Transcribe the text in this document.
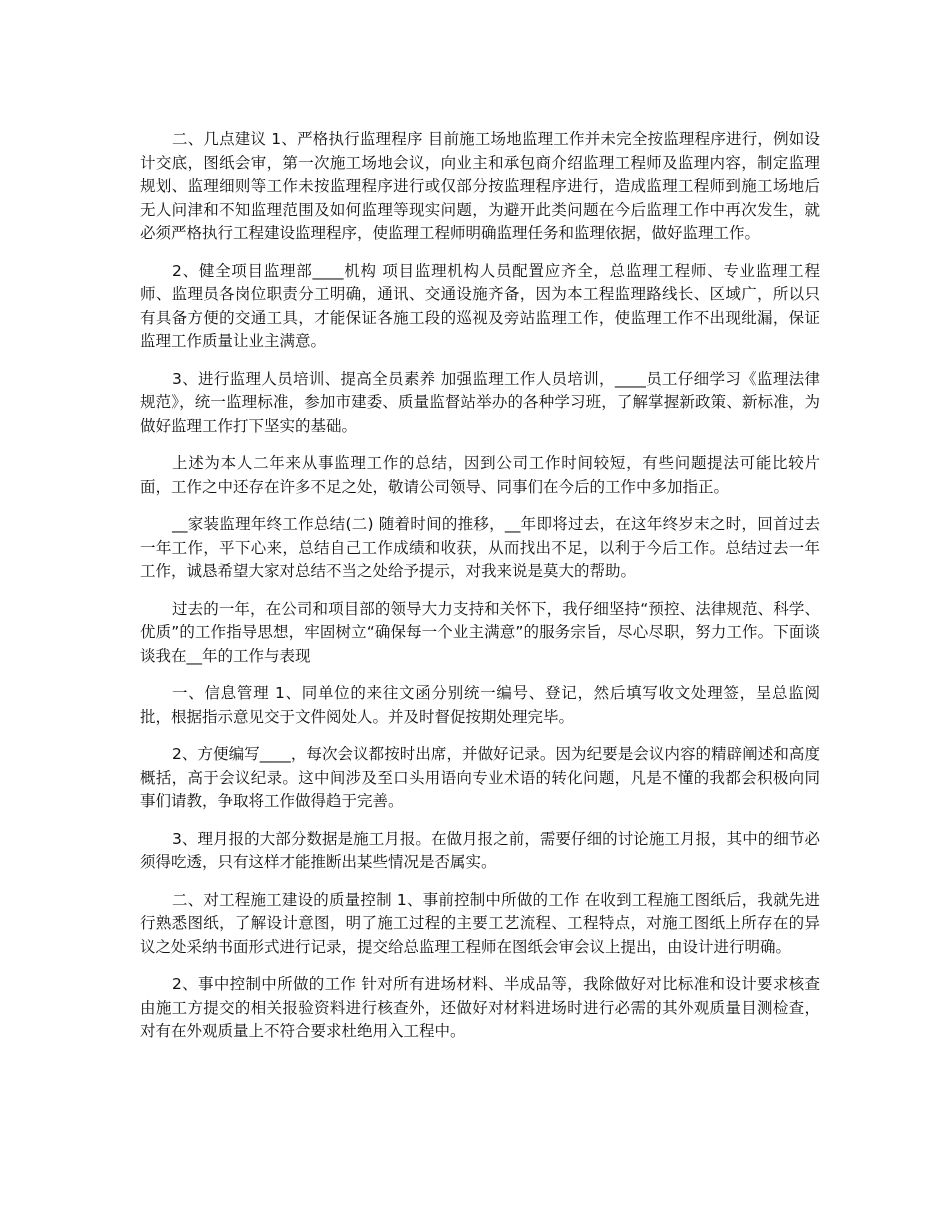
二、几点建议 1、严格执行监理程序 目前施工场地监理工作并未完全按监理程序进行，例如设计交底，图纸会审，第一次施工场地会议，向业主和承包商介绍监理工程师及监理内容，制定监理规划、监理细则等工作未按监理程序进行或仅部分按监理程序进行，造成监理工程师到施工场地后无人问津和不知监理范围及如何监理等现实问题，为避开此类问题在今后监理工作中再次发生，就必须严格执行工程建设监理程序，使监理工程师明确监理任务和监理依据，做好监理工作。

2、健全项目监理部____机构 项目监理机构人员配置应齐全，总监理工程师、专业监理工程师、监理员各岗位职责分工明确，通讯、交通设施齐备，因为本工程监理路线长、区域广，所以只有具备方便的交通工具，才能保证各施工段的巡视及旁站监理工作，使监理工作不出现纰漏，保证监理工作质量让业主满意。

3、进行监理人员培训、提高全员素养 加强监理工作人员培训，____员工仔细学习《监理法律规范》，统一监理标准，参加市建委、质量监督站举办的各种学习班，了解掌握新政策、新标准，为做好监理工作打下坚实的基础。

上述为本人二年来从事监理工作的总结，因到公司工作时间较短，有些问题提法可能比较片面，工作之中还存在许多不足之处，敬请公司领导、同事们在今后的工作中多加指正。

__家装监理年终工作总结(二) 随着时间的推移，__年即将过去，在这年终岁末之时，回首过去一年工作，平下心来，总结自己工作成绩和收获，从而找出不足，以利于今后工作。总结过去一年工作，诚恳希望大家对总结不当之处给予提示，对我来说是莫大的帮助。

过去的一年，在公司和项目部的领导大力支持和关怀下，我仔细坚持“预控、法律规范、科学、优质”的工作指导思想，牢固树立“确保每一个业主满意”的服务宗旨，尽心尽职，努力工作。下面谈谈我在__年的工作与表现

一、信息管理 1、同单位的来往文函分别统一编号、登记，然后填写收文处理签，呈总监阅批，根据指示意见交于文件阅处人。并及时督促按期处理完毕。

2、方便编写____，每次会议都按时出席，并做好记录。因为纪要是会议内容的精辟阐述和高度概括，高于会议纪录。这中间涉及至口头用语向专业术语的转化问题，凡是不懂的我都会积极向同事们请教，争取将工作做得趋于完善。

3、理月报的大部分数据是施工月报。在做月报之前，需要仔细的讨论施工月报，其中的细节必须得吃透，只有这样才能推断出某些情况是否属实。

二、对工程施工建设的质量控制 1、事前控制中所做的工作 在收到工程施工图纸后，我就先进行熟悉图纸，了解设计意图，明了施工过程的主要工艺流程、工程特点，对施工图纸上所存在的异议之处采纳书面形式进行记录，提交给总监理工程师在图纸会审会议上提出，由设计进行明确。

2、事中控制中所做的工作 针对所有进场材料、半成品等，我除做好对比标准和设计要求核查由施工方提交的相关报验资料进行核查外，还做好对材料进场时进行必需的其外观质量目测检查，对有在外观质量上不符合要求杜绝用入工程中。
